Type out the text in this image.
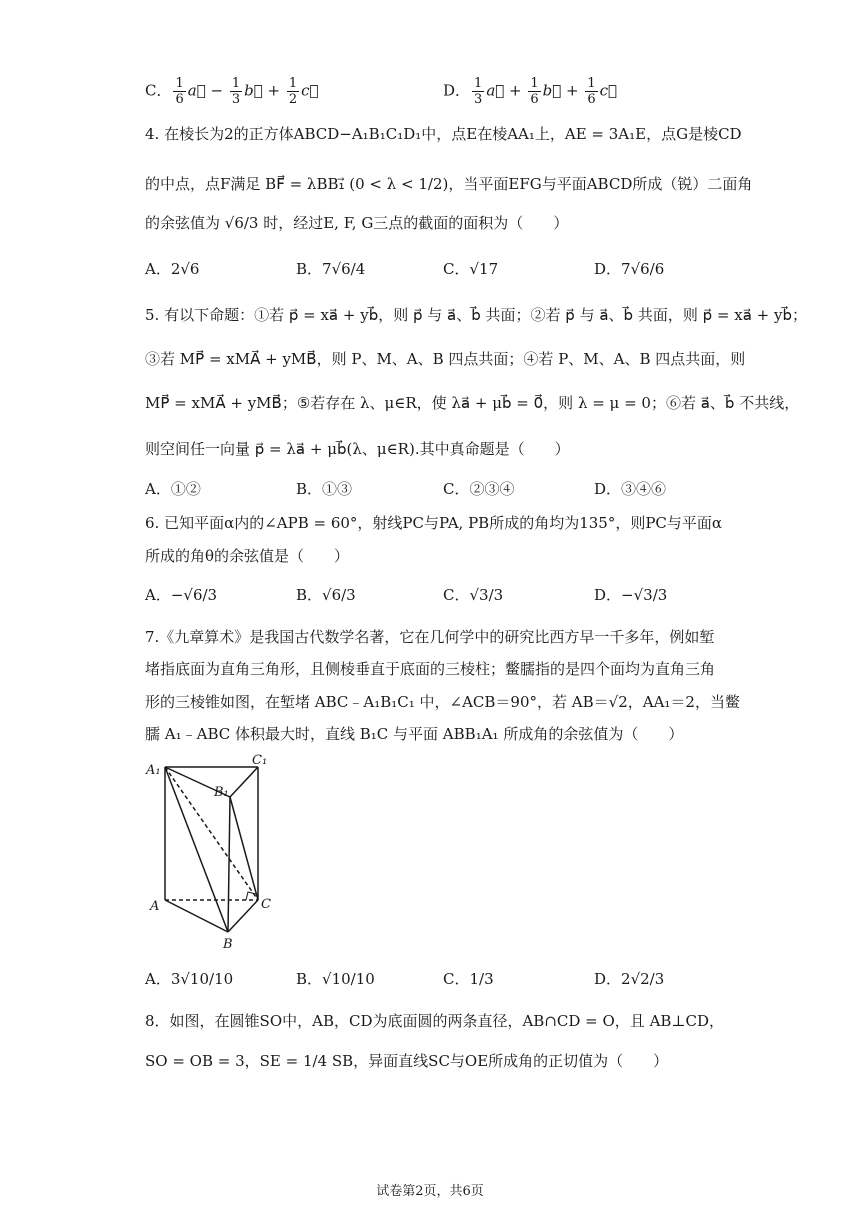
C． $\frac{1}{6}$ a⃗ − $\frac{1}{3}$ b⃗ + $\frac{1}{2}$ c⃗	D． $\frac{1}{3}$ a⃗ + $\frac{1}{6}$ b⃗ + $\frac{1}{6}$ c⃗
4. 在棱长为2的正方体ABCD−A₁B₁C₁D₁中，点E在棱AA₁上，AE = 3A₁E，点G是棱CD
的中点，点F满足 BF⃗ = λBB₁⃗ (0 < λ < 1/2)，当平面EFG与平面ABCD所成（锐）二面角
的余弦值为 √6/3 时，经过E, F, G三点的截面的面积为（　　）
A．2√6	B．7√6/4	C．√17	D．7√6/6
5. 有以下命题：①若 p⃗ = xa⃗ + yb⃗，则 p⃗ 与 a⃗、b⃗ 共面；②若 p⃗ 与 a⃗、b⃗ 共面，则 p⃗ = xa⃗ + yb⃗；
③若 MP⃗ = xMA⃗ + yMB⃗，则 P、M、A、B 四点共面；④若 P、M、A、B 四点共面，则
MP⃗ = xMA⃗ + yMB⃗；⑤若存在 λ、μ∈R，使 λa⃗ + μb⃗ = 0⃗，则 λ = μ = 0；⑥若 a⃗、b⃗ 不共线，
则空间任一向量 p⃗ = λa⃗ + μb⃗(λ、μ∈R).其中真命题是（　　）
A．①②	B．①③	C．②③④	D．③④⑥
6. 已知平面α内的∠APB = 60°，射线PC与PA, PB所成的角均为135°，则PC与平面α
所成的角θ的余弦值是（　　）
A．−√6/3	B．√6/3	C．√3/3	D．−√3/3
7.《九章算术》是我国古代数学名著，它在几何学中的研究比西方早一千多年，例如堑
堵指底面为直角三角形，且侧棱垂直于底面的三棱柱；鳖臑指的是四个面均为直角三角
形的三棱锥如图，在堑堵 ABC﹣A₁B₁C₁ 中，∠ACB＝90°，若 AB＝√2，AA₁＝2，当鳖
臑 A₁﹣ABC 体积最大时，直线 B₁C 与平面 ABB₁A₁ 所成角的余弦值为（　　）
A₁
C₁
B₁
A	C
B
A．3√10/10	B．√10/10	C．1/3	D．2√2/3
8．如图，在圆锥SO中，AB，CD为底面圆的两条直径，AB∩CD = O，且 AB⊥CD，
SO = OB = 3，SE = 1/4 SB，异面直线SC与OE所成角的正切值为（　　）
试卷第2页，共6页
